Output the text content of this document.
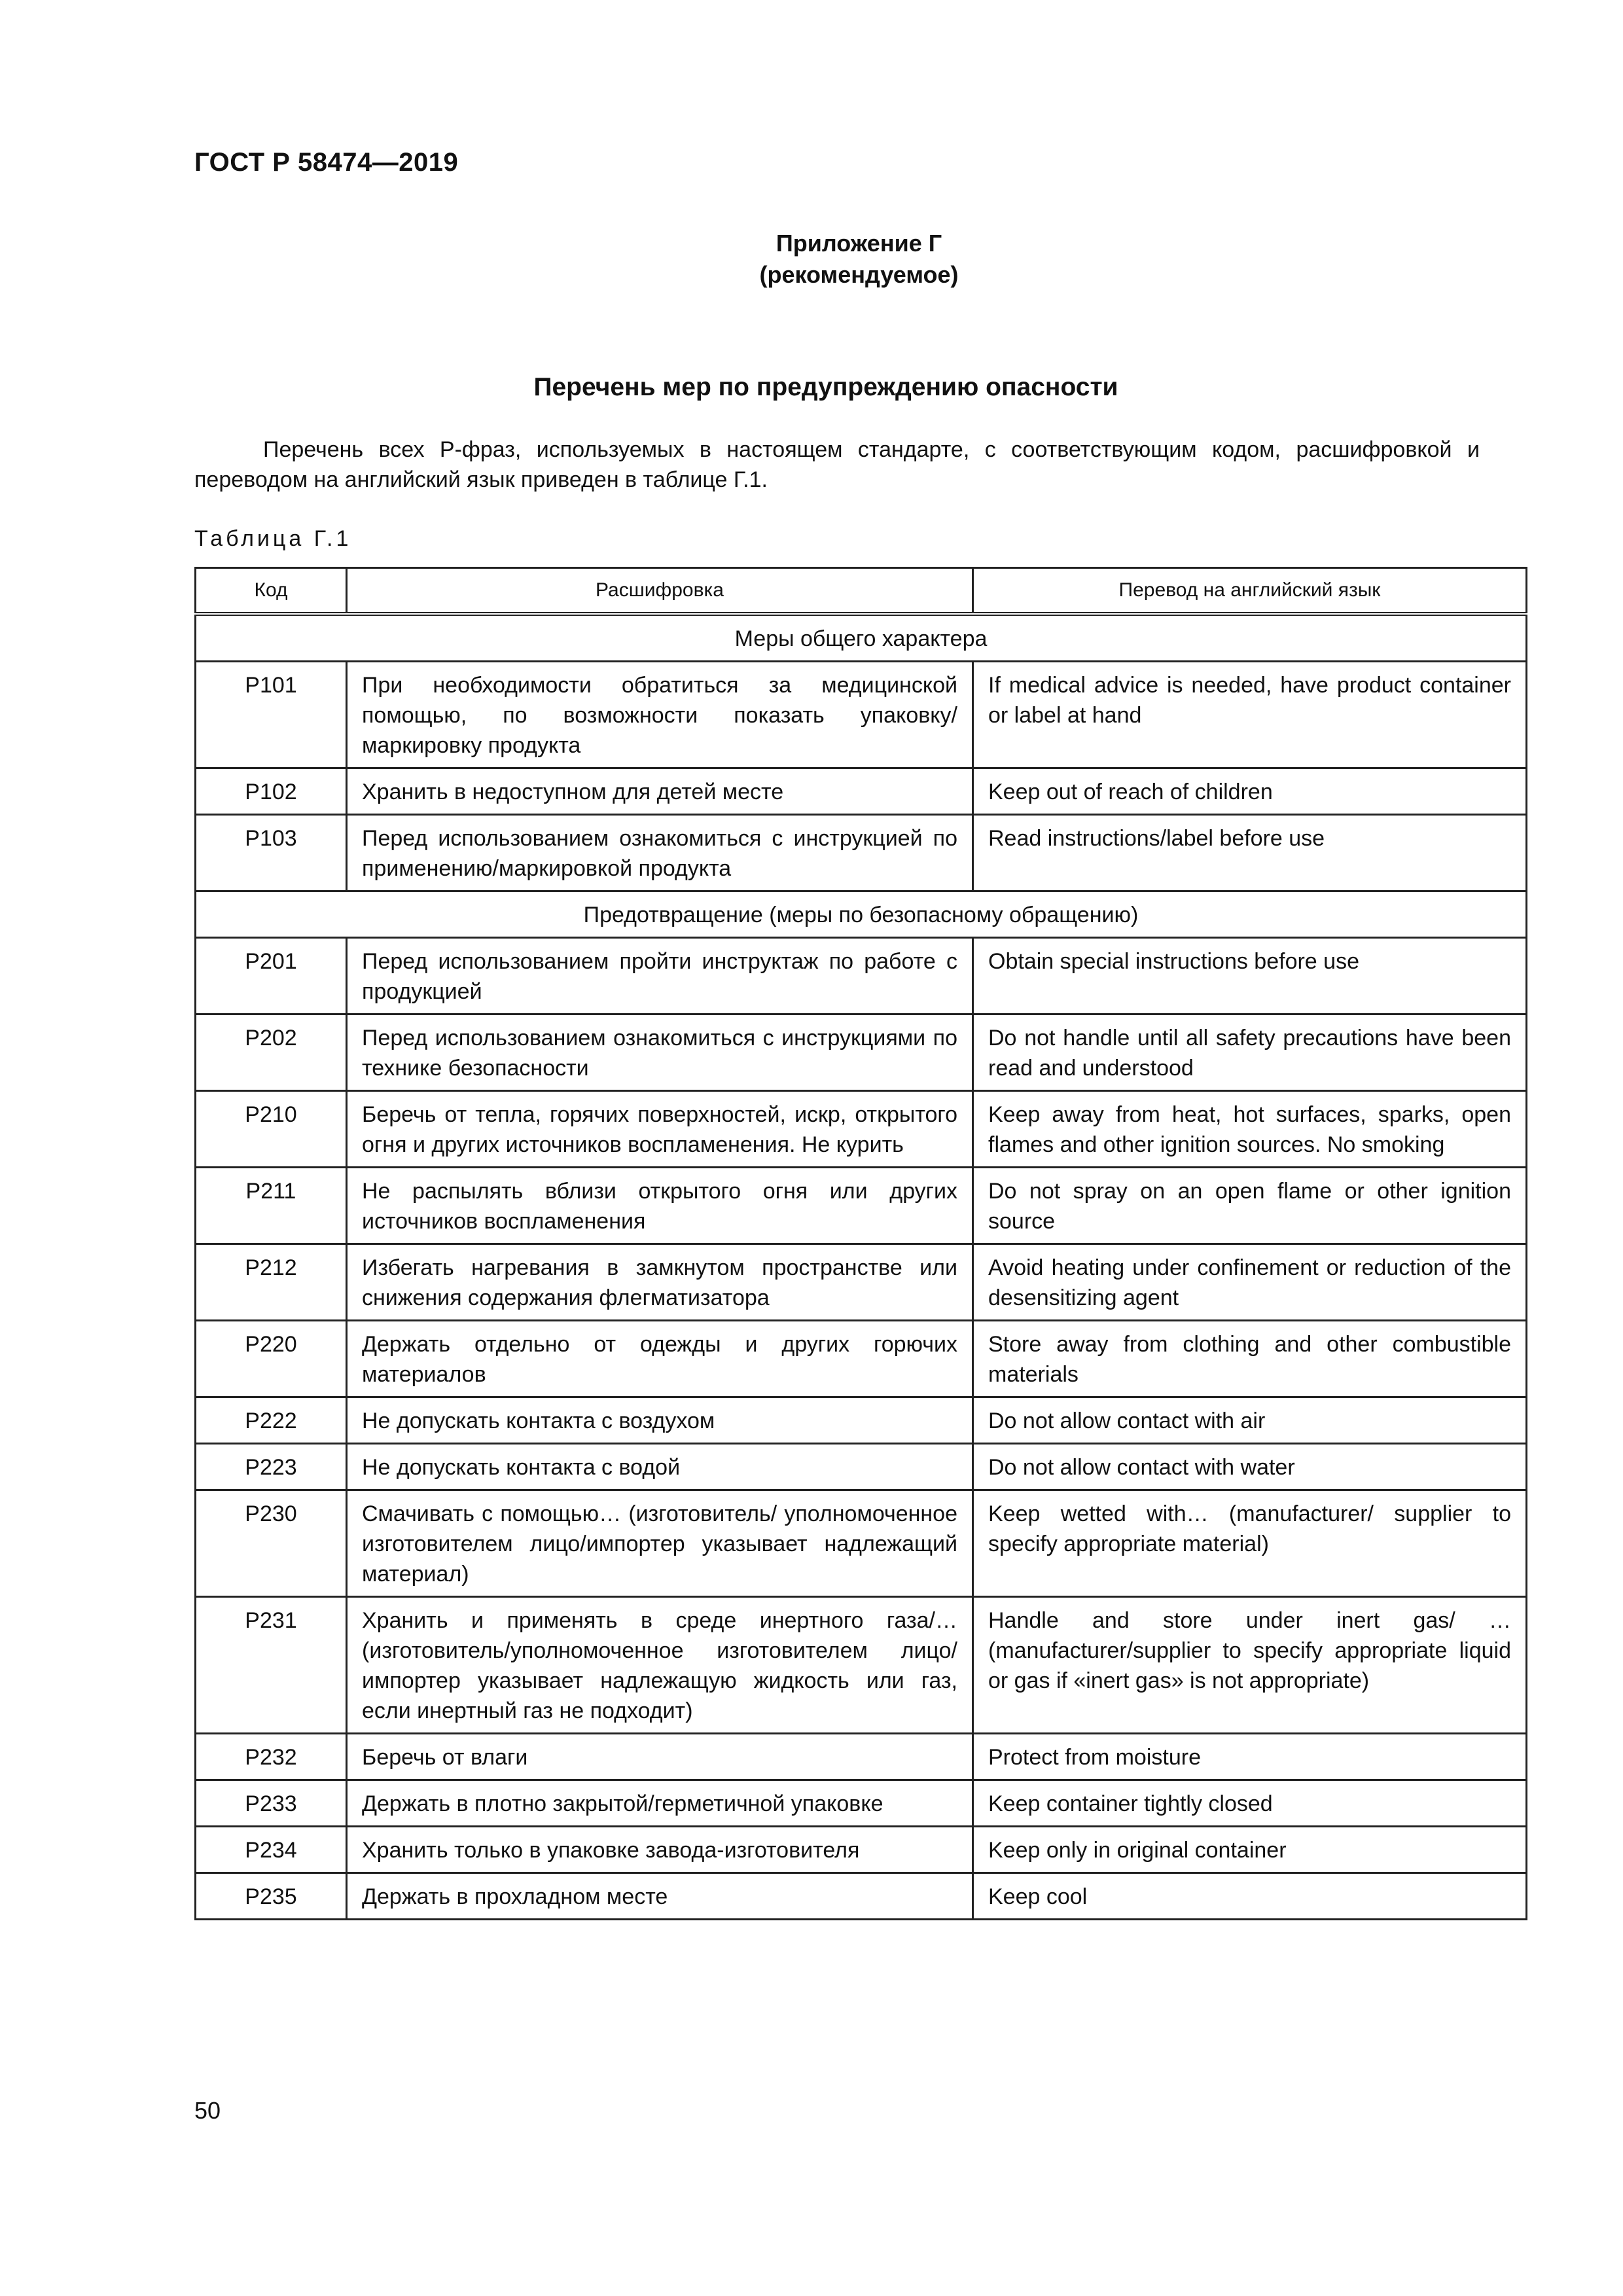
ГОСТ Р 58474—2019
Приложение Г
(рекомендуемое)
Перечень мер по предупреждению опасности
Перечень всех Р-фраз, используемых в настоящем стандарте, с соответствующим кодом, расшифровкой и переводом на английский язык приведен в таблице Г.1.
Таблица Г.1
Код	Расшифровка	Перевод на английский язык
Меры общего характера		
Р101	При необходимости обратиться за медицинской помощью, по возможности показать упаковку/маркировку продукта	If medical advice is needed, have product container or label at hand
Р102	Хранить в недоступном для детей месте	Keep out of reach of children
Р103	Перед использованием ознакомиться с инструкцией по применению/маркировкой продукта	Read instructions/label before use
Предотвращение (меры по безопасному обращению)		
Р201	Перед использованием пройти инструктаж по работе с продукцией	Obtain special instructions before use
Р202	Перед использованием ознакомиться с инструкциями по технике безопасности	Do not handle until all safety precautions have been read and understood
Р210	Беречь от тепла, горячих поверхностей, искр, открытого огня и других источников воспламенения. Не курить	Keep away from heat, hot surfaces, sparks, open flames and other ignition sources. No smoking
Р211	Не распылять вблизи открытого огня или других источников воспламенения	Do not spray on an open flame or other ignition source
Р212	Избегать нагревания в замкнутом пространстве или снижения содержания флегматизатора	Avoid heating under confinement or reduction of the desensitizing agent
Р220	Держать отдельно от одежды и других горючих материалов	Store away from clothing and other combustible materials
Р222	Не допускать контакта с воздухом	Do not allow contact with air
Р223	Не допускать контакта с водой	Do not allow contact with water
Р230	Смачивать с помощью… (изготовитель/ уполномоченное изготовителем лицо/импортер указывает надлежащий материал)	Keep wetted with… (manufacturer/ supplier to specify appropriate material)
Р231	Хранить и применять в среде инертного газа/… (изготовитель/уполномоченное изготовителем лицо/ импортер указывает надлежащую жидкость или газ, если инертный газ не подходит)	Handle and store under inert gas/ … (manufacturer/supplier to specify appropriate liquid or gas if «inert gas» is not appropriate)
Р232	Беречь от влаги	Protect from moisture
Р233	Держать в плотно закрытой/герметичной упаковке	Keep container tightly closed
Р234	Хранить только в упаковке завода-изготовителя	Keep only in original container
Р235	Держать в прохладном месте	Keep cool
50
